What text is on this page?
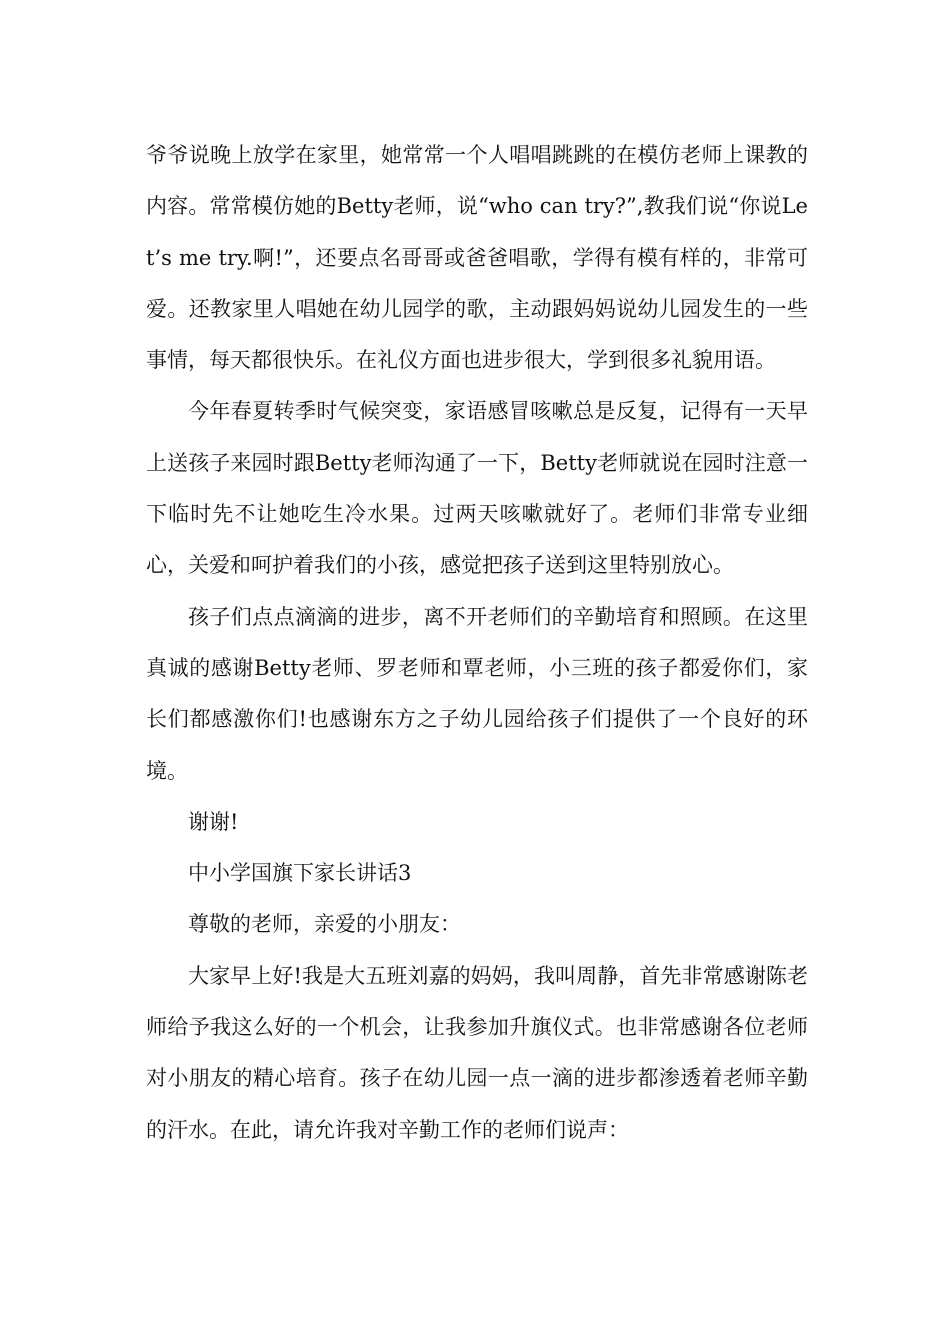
爷爷说晚上放学在家里，她常常一个人唱唱跳跳的在模仿老师上课教的内容。常常模仿她的Betty老师，说“who can try?”,教我们说“你说Let’s me try.啊!”，还要点名哥哥或爸爸唱歌，学得有模有样的，非常可爱。还教家里人唱她在幼儿园学的歌，主动跟妈妈说幼儿园发生的一些事情，每天都很快乐。在礼仪方面也进步很大，学到很多礼貌用语。

今年春夏转季时气候突变，家语感冒咳嗽总是反复，记得有一天早上送孩子来园时跟Betty老师沟通了一下，Betty老师就说在园时注意一下临时先不让她吃生冷水果。过两天咳嗽就好了。老师们非常专业细心，关爱和呵护着我们的小孩，感觉把孩子送到这里特别放心。

孩子们点点滴滴的进步，离不开老师们的辛勤培育和照顾。在这里真诚的感谢Betty老师、罗老师和覃老师，小三班的孩子都爱你们，家长们都感激你们!也感谢东方之子幼儿园给孩子们提供了一个良好的环境。

谢谢!

中小学国旗下家长讲话3

尊敬的老师，亲爱的小朋友：

大家早上好!我是大五班刘嘉的妈妈，我叫周静，首先非常感谢陈老师给予我这么好的一个机会，让我参加升旗仪式。也非常感谢各位老师对小朋友的精心培育。孩子在幼儿园一点一滴的进步都渗透着老师辛勤的汗水。在此，请允许我对辛勤工作的老师们说声：
